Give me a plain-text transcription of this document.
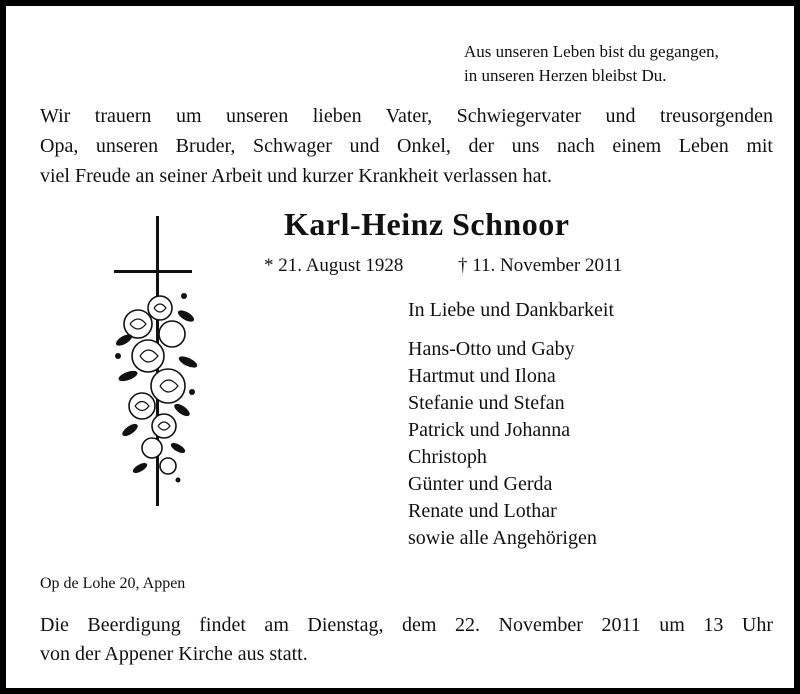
Aus unseren Leben bist du gegangen,
in unseren Herzen bleibst Du.
Wir trauern um unseren lieben Vater, Schwiegervater und treusorgenden
Opa, unseren Bruder, Schwager und Onkel, der uns nach einem Leben mit
viel Freude an seiner Arbeit und kurzer Krankheit verlassen hat.
Karl-Heinz Schnoor
* 21. August 1928	† 11. November 2011
In Liebe und Dankbarkeit
Hans-Otto und Gaby
Hartmut und Ilona
Stefanie und Stefan
Patrick und Johanna
Christoph
Günter und Gerda
Renate und Lothar
sowie alle Angehörigen
Op de Lohe 20, Appen
Die Beerdigung findet am Dienstag, dem 22. November 2011 um 13 Uhr
von der Appener Kirche aus statt.
